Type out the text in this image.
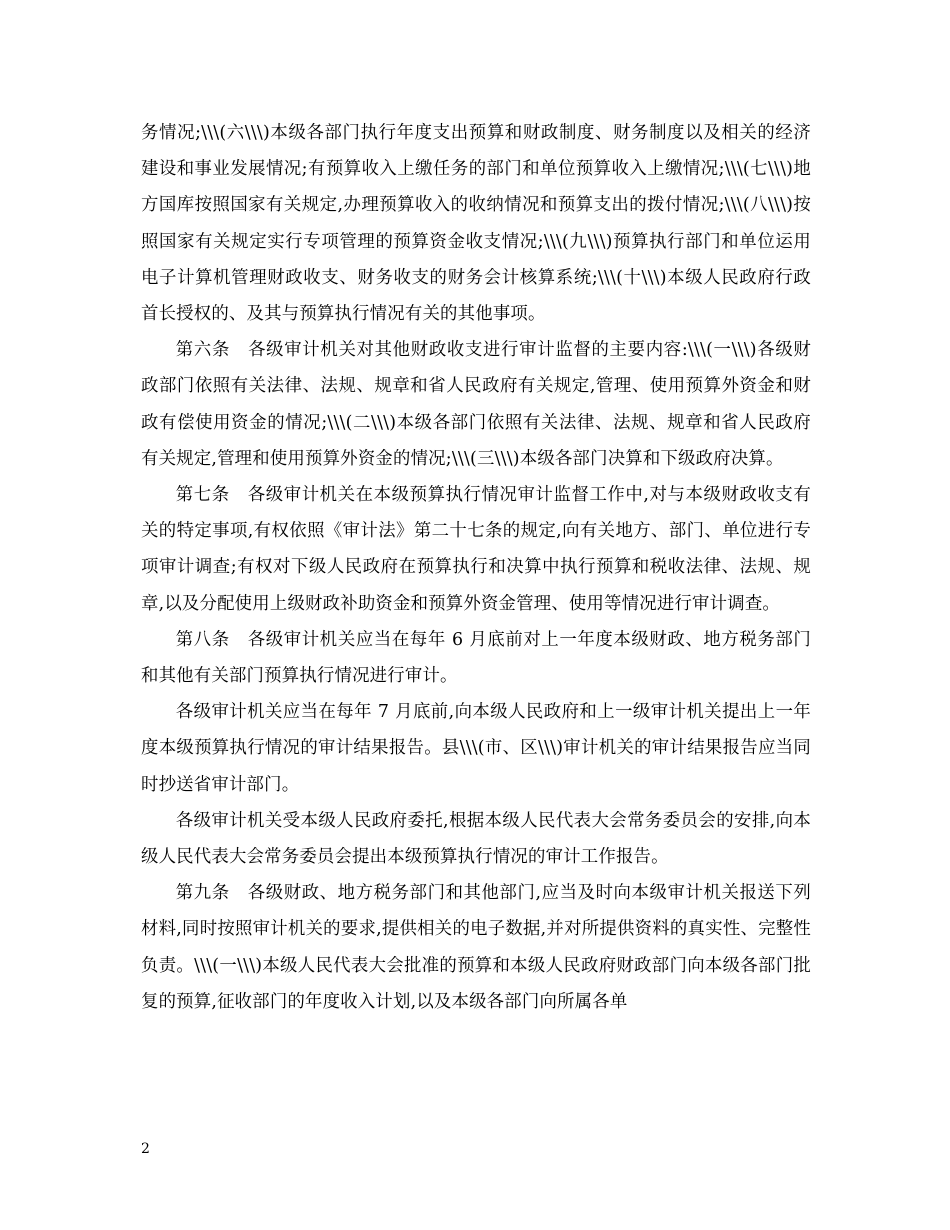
务情况;\\\(六\\\)本级各部门执行年度支出预算和财政制度、财务制度以及相关的经济建设和事业发展情况;有预算收入上缴任务的部门和单位预算收入上缴情况;\\\(七\\\)地方国库按照国家有关规定,办理预算收入的收纳情况和预算支出的拨付情况;\\\(八\\\)按照国家有关规定实行专项管理的预算资金收支情况;\\\(九\\\)预算执行部门和单位运用电子计算机管理财政收支、财务收支的财务会计核算系统;\\\(十\\\)本级人民政府行政首长授权的、及其与预算执行情况有关的其他事项。

第六条　各级审计机关对其他财政收支进行审计监督的主要内容:\\\(一\\\)各级财政部门依照有关法律、法规、规章和省人民政府有关规定,管理、使用预算外资金和财政有偿使用资金的情况;\\\(二\\\)本级各部门依照有关法律、法规、规章和省人民政府有关规定,管理和使用预算外资金的情况;\\\(三\\\)本级各部门决算和下级政府决算。

第七条　各级审计机关在本级预算执行情况审计监督工作中,对与本级财政收支有关的特定事项,有权依照《审计法》第二十七条的规定,向有关地方、部门、单位进行专项审计调查;有权对下级人民政府在预算执行和决算中执行预算和税收法律、法规、规章,以及分配使用上级财政补助资金和预算外资金管理、使用等情况进行审计调查。

第八条　各级审计机关应当在每年 6 月底前对上一年度本级财政、地方税务部门和其他有关部门预算执行情况进行审计。

各级审计机关应当在每年 7 月底前,向本级人民政府和上一级审计机关提出上一年度本级预算执行情况的审计结果报告。县\\\(市、区\\\)审计机关的审计结果报告应当同时抄送省审计部门。

各级审计机关受本级人民政府委托,根据本级人民代表大会常务委员会的安排,向本级人民代表大会常务委员会提出本级预算执行情况的审计工作报告。

第九条　各级财政、地方税务部门和其他部门,应当及时向本级审计机关报送下列材料,同时按照审计机关的要求,提供相关的电子数据,并对所提供资料的真实性、完整性负责。\\\(一\\\)本级人民代表大会批准的预算和本级人民政府财政部门向本级各部门批复的预算,征收部门的年度收入计划,以及本级各部门向所属各单

2
